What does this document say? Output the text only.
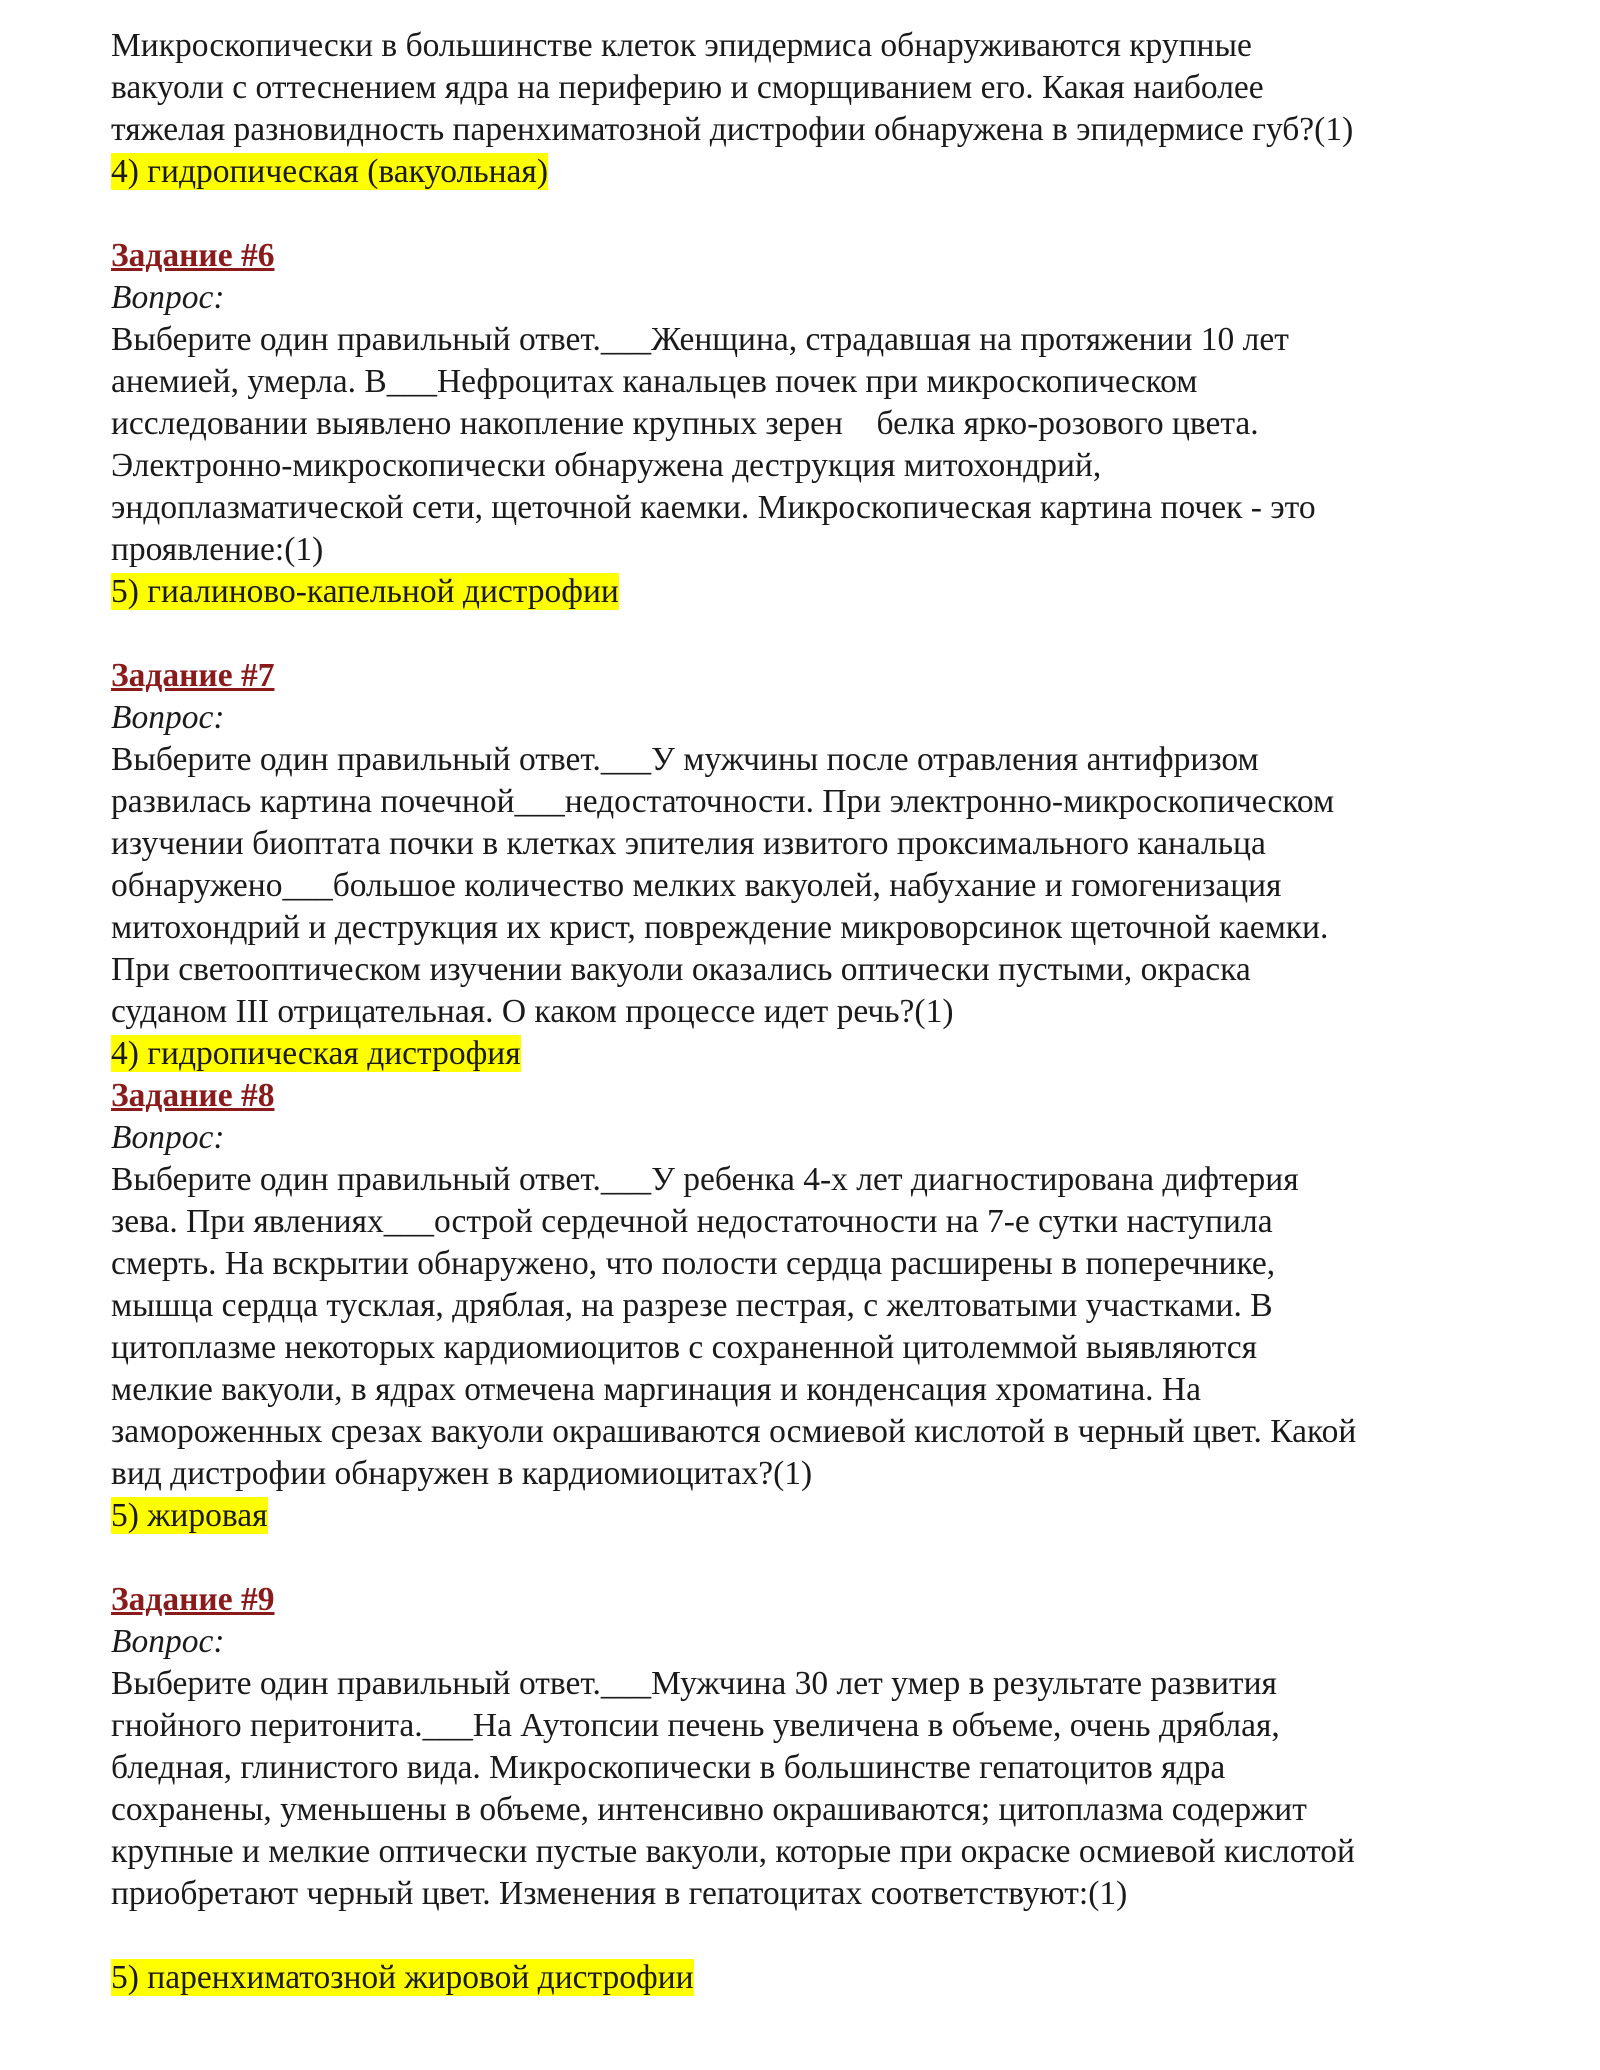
Микроскопически в большинстве клеток эпидермиса обнаруживаются крупные
вакуоли с оттеснением ядра на периферию и сморщиванием его. Какая наиболее
тяжелая разновидность паренхиматозной дистрофии обнаружена в эпидермисе губ?(1)
4) гидропическая (вакуольная)
Задание #6
Вопрос:
Выберите один правильный ответ.___Женщина, страдавшая на протяжении 10 лет
анемией, умерла. В___Нефроцитах канальцев почек при микроскопическом
исследовании выявлено накопление крупных зерен    белка ярко-розового цвета.
Электронно-микроскопически обнаружена деструкция митохондрий,
эндоплазматической сети, щеточной каемки. Микроскопическая картина почек - это
проявление:(1)
5) гиалиново-капельной дистрофии
Задание #7
Вопрос:
Выберите один правильный ответ.___У мужчины после отравления антифризом
развилась картина почечной___недостаточности. При электронно-микроскопическом
изучении биоптата почки в клетках эпителия извитого проксимального канальца
обнаружено___большое количество мелких вакуолей, набухание и гомогенизация
митохондрий и деструкция их крист, повреждение микроворсинок щеточной каемки.
При светооптическом изучении вакуоли оказались оптически пустыми, окраска
суданом III отрицательная. О каком процессе идет речь?(1)
4) гидропическая дистрофия
Задание #8
Вопрос:
Выберите один правильный ответ.___У ребенка 4-х лет диагностирована дифтерия
зева. При явлениях___острой сердечной недостаточности на 7-е сутки наступила
смерть. На вскрытии обнаружено, что полости сердца расширены в поперечнике,
мышца сердца тусклая, дряблая, на разрезе пестрая, с желтоватыми участками. В
цитоплазме некоторых кардиомиоцитов с сохраненной цитолеммой выявляются
мелкие вакуоли, в ядрах отмечена маргинация и конденсация хроматина. На
замороженных срезах вакуоли окрашиваются осмиевой кислотой в черный цвет. Какой
вид дистрофии обнаружен в кардиомиоцитах?(1)
5) жировая
Задание #9
Вопрос:
Выберите один правильный ответ.___Мужчина 30 лет умер в результате развития
гнойного перитонита.___На Аутопсии печень увеличена в объеме, очень дряблая,
бледная, глинистого вида. Микроскопически в большинстве гепатоцитов ядра
сохранены, уменьшены в объеме, интенсивно окрашиваются; цитоплазма содержит
крупные и мелкие оптически пустые вакуоли, которые при окраске осмиевой кислотой
приобретают черный цвет. Изменения в гепатоцитах соответствуют:(1)
5) паренхиматозной жировой дистрофии
